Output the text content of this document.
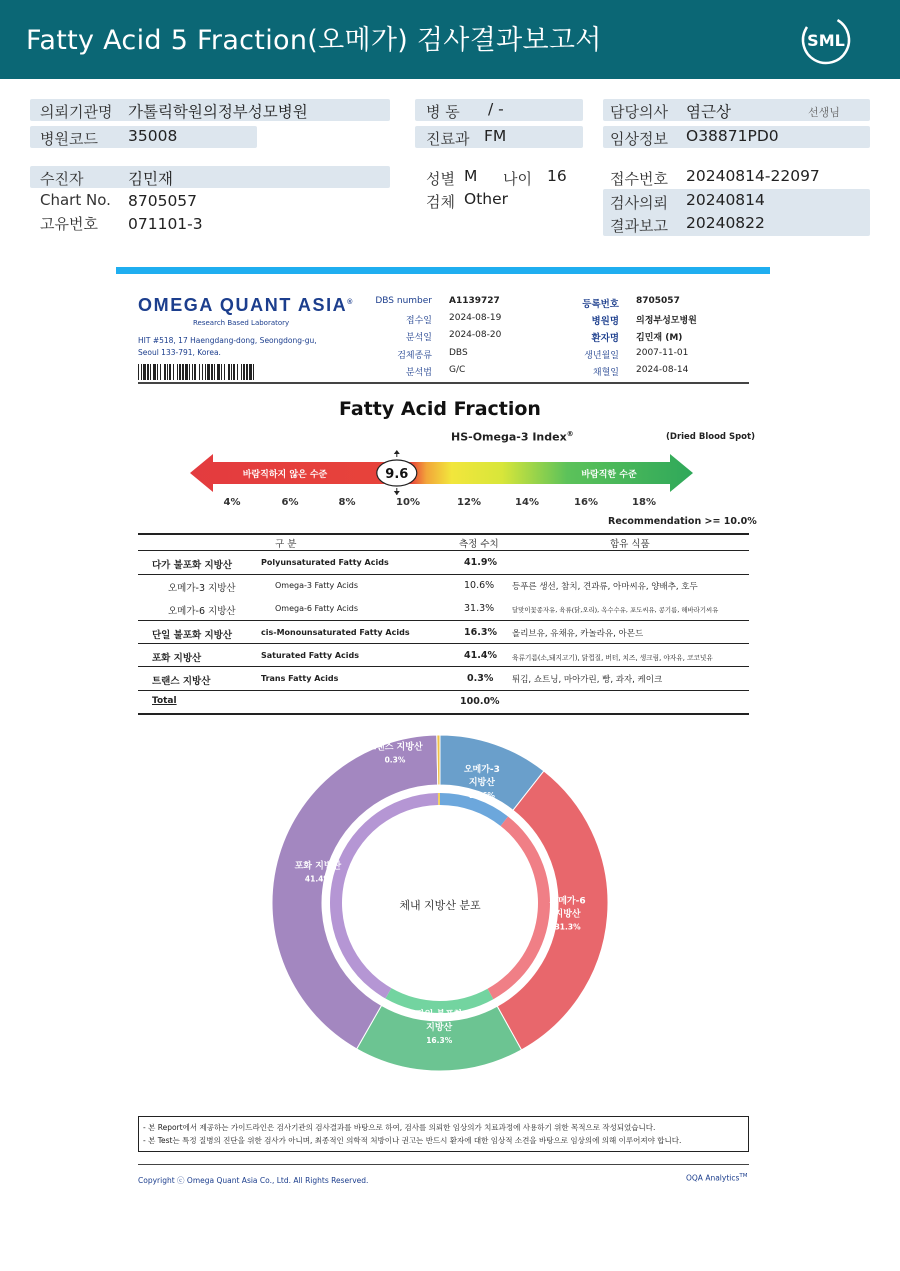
Fatty Acid 5 Fraction(오메가) 검사결과보고서	SML
의뢰기관명 가톨릭학원의정부성모병원
병원코드 35008
병 동 / -
진료과 FM
담당의사 염근상	선생님
임상정보 O38871PD0
수진자	김민재
Chart No. 8705057
고유번호 071101-3
성별 M 나이 16
검체 Other
접수번호 20240814-22097
검사의뢰 20240814
결과보고 20240822
OMEGA QUANT ASIA®
Research Based Laboratory
HIT #518, 17 Haengdang-dong, Seongdong-gu,
Seoul 133-791, Korea.
DBS number A1139727
접수일 2024-08-19
분석일 2024-08-20
검체종류 DBS
분석법 G/C
등록번호 8705057
병원명 의정부성모병원
환자명 김민재 (M)
생년월일 2007-11-01
채혈일 2024-08-14
Fatty Acid Fraction
HS-Omega-3 Index®	(Dried Blood Spot)
바람직하지 않은 수준	바람직한 수준
9.6
4%	6%	8%	10%	12%	14%	16%	18%
Recommendation >= 10.0%
구 분	측정 수치	함유 식품
다가 불포화 지방산	Polyunsaturated Fatty Acids	41.9%
오메가-3 지방산	Omega-3 Fatty Acids	10.6% 등푸른 생선, 참치, 견과류, 아마씨유, 양배추, 호두
오메가-6 지방산	Omega-6 Fatty Acids	31.3%	달맞이꽃종자유, 육류(닭,오리), 옥수수유, 포도씨유, 콩기름, 해바라기씨유
단일 불포화 지방산	cis-Monounsaturated Fatty Acids	16.3% 올리브유, 유채유, 카놀라유, 아몬드
포화 지방산	Saturated Fatty Acids	41.4% 육류기름(소,돼지고기), 닭껍질, 버터, 치즈, 생크림, 야자유, 코코넛유
트랜스 지방산	Trans Fatty Acids	0.3% 튀김, 쇼트닝, 마아가린, 빵, 과자, 케이크
Total	100.0%
오메가-3
지방산
10.6%
오메가-6
지방산
31.3%
단일 불포화
지방산
16.3%
포화 지방산
41.4%
트랜스 지방산
0.3%
체내 지방산 분포
- 본 Report에서 제공하는 가이드라인은 검사기관의 검사결과를 바탕으로 하여, 검사를 의뢰한 임상의가 치료과정에 사용하기 위한 목적으로 작성되었습니다.
- 본 Test는 특정 질병의 진단을 위한 검사가 아니며, 최종적인 의학적 처방이나 권고는 반드시 환자에 대한 임상적 소견을 바탕으로 임상의에 의해 이루어져야 합니다.
Copyright ⓒ Omega Quant Asia Co., Ltd. All Rights Reserved.	OQA Analytics™
